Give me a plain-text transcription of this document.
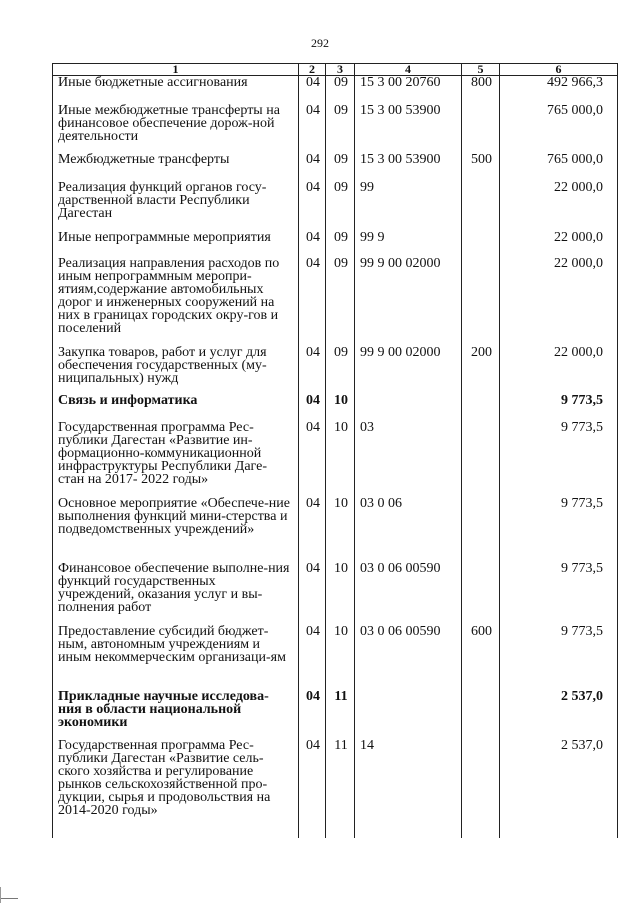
292
1	2	3	4	5	6
Иные бюджетные ассигнования	04	09	15 3 00 20760	800	492 966,3
Иные межбюджетные трансферты на финансовое обеспечение дорож-ной деятельности	04	09	15 3 00 53900		765 000,0
Межбюджетные трансферты	04	09	15 3 00 53900	500	765 000,0
Реализация функций органов госу-дарственной власти Республики Дагестан	04	09	99		22 000,0
Иные непрограммные мероприятия	04	09	99 9		22 000,0
Реализация направления расходов по иным непрограммным меропри-ятиям,содержание автомобильных дорог и инженерных сооружений на них в границах городских окру-гов и поселений	04	09	99 9 00 02000		22 000,0
Закупка товаров, работ и услуг для обеспечения государственных (му-ниципальных) нужд	04	09	99 9 00 02000	200	22 000,0
Связь и информатика	04	10			9 773,5
Государственная программа Рес-публики Дагестан «Развитие ин-формационно-коммуникационной инфраструктуры Республики Даге-стан на 2017- 2022 годы»	04	10	03		9 773,5
Основное мероприятие «Обеспече-ние выполнения функций мини-стерства и подведомственных учреждений»	04	10	03 0 06		9 773,5
Финансовое обеспечение выполне-ния функций государственных учреждений, оказания услуг и вы-полнения работ	04	10	03 0 06 00590		9 773,5
Предоставление субсидий бюджет-ным, автономным учреждениям и иным некоммерческим организаци-ям	04	10	03 0 06 00590	600	9 773,5
Прикладные научные исследова-ния в области национальной экономики	04	11			2 537,0
Государственная программа Рес-публики Дагестан «Развитие сель-ского хозяйства и регулирование рынков сельскохозяйственной про-дукции, сырья и продовольствия на 2014-2020 годы»	04	11	14		2 537,0
